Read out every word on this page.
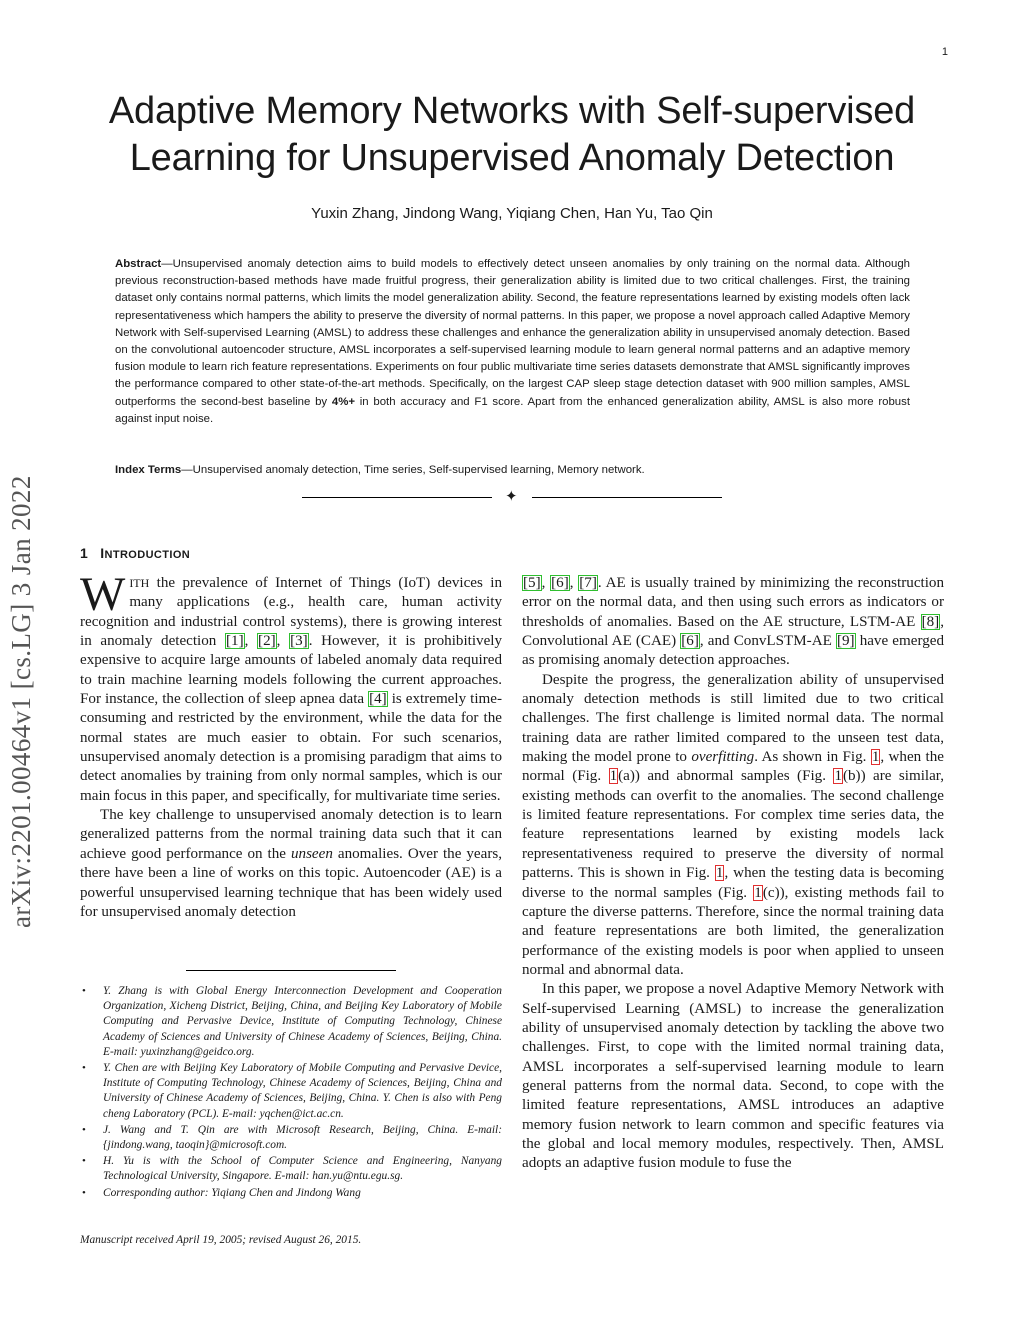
1
Adaptive Memory Networks with Self-supervised
Learning for Unsupervised Anomaly Detection
Yuxin Zhang, Jindong Wang, Yiqiang Chen, Han Yu, Tao Qin

Abstract—Unsupervised anomaly detection aims to build models to effectively detect unseen anomalies by only training on the normal data. Although previous reconstruction-based methods have made fruitful progress, their generalization ability is limited due to two critical challenges. First, the training dataset only contains normal patterns, which limits the model generalization ability. Second, the feature representations learned by existing models often lack representativeness which hampers the ability to preserve the diversity of normal patterns. In this paper, we propose a novel approach called Adaptive Memory Network with Self-supervised Learning (AMSL) to address these challenges and enhance the generalization ability in unsupervised anomaly detection. Based on the convolutional autoencoder structure, AMSL incorporates a self-supervised learning module to learn general normal patterns and an adaptive memory fusion module to learn rich feature representations. Experiments on four public multivariate time series datasets demonstrate that AMSL significantly improves the performance compared to other state-of-the-art methods. Specifically, on the largest CAP sleep stage detection dataset with 900 million samples, AMSL outperforms the second-best baseline by 4%+ in both accuracy and F1 score. Apart from the enhanced generalization ability, AMSL is also more robust against input noise.

Index Terms—Unsupervised anomaly detection, Time series, Self-supervised learning, Memory network.

✦
arXiv:2201.00464v1 [cs.LG] 3 Jan 2022	1 INTRODUCTION

WITH the prevalence of Internet of Things (IoT) devices in many applications (e.g., health care, human activity recognition and industrial control systems), there is growing interest in anomaly detection [1], [2], [3]. However, it is prohibitively expensive to acquire large amounts of labeled anomaly data required to train machine learning models following the current approaches. For instance, the collection of sleep apnea data [4] is extremely time-consuming and restricted by the environment, while the data for the normal states are much easier to obtain. For such scenarios, unsupervised anomaly detection is a promising paradigm that aims to detect anomalies by training from only normal samples, which is our main focus in this paper, and specifically, for multivariate time series.

The key challenge to unsupervised anomaly detection is to learn generalized patterns from the normal training data such that it can achieve good performance on the unseen anomalies. Over the years, there have been a line of works on this topic. Autoencoder (AE) is a powerful unsupervised learning technique that has been widely used for unsupervised anomaly detection

[5], [6], [7]. AE is usually trained by minimizing the reconstruction error on the normal data, and then using such errors as indicators or thresholds of anomalies. Based on the AE structure, LSTM-AE [8], Convolutional AE (CAE) [6], and ConvLSTM-AE [9] have emerged as promising anomaly detection approaches.

Despite the progress, the generalization ability of unsupervised anomaly detection methods is still limited due to two critical challenges. The first challenge is limited normal data. The normal training data are rather limited compared to the unseen test data, making the model prone to overfitting. As shown in Fig. 1, when the normal (Fig. 1(a)) and abnormal samples (Fig. 1(b)) are similar, existing methods can overfit to the anomalies. The second challenge is limited feature representations. For complex time series data, the feature representations learned by existing models lack representativeness required to preserve the diversity of normal patterns. This is shown in Fig. 1, when the testing data is becoming diverse to the normal samples (Fig. 1(c)), existing methods fail to capture the diverse patterns. Therefore, since the normal training data and feature representations are both limited, the generalization performance of the existing models is poor when applied to unseen normal and abnormal data.

In this paper, we propose a novel Adaptive Memory Network with Self-supervised Learning (AMSL) to increase the generalization ability of unsupervised anomaly detection by tackling the above two challenges. First, to cope with the limited normal training data, AMSL incorporates a self-supervised learning module to learn general patterns from the normal data. Second, to cope with the limited feature representations, AMSL introduces an adaptive memory fusion network to learn common and specific features via the global and local memory modules, respectively. Then, AMSL adopts an adaptive fusion module to fuse the

• Y. Zhang is with Global Energy Interconnection Development and Cooperation Organization, Xicheng District, Beijing, China, and Beijing Key Laboratory of Mobile Computing and Pervasive Device, Institute of Computing Technology, Chinese Academy of Sciences and University of Chinese Academy of Sciences, Beijing, China. E-mail: yuxinzhang@geidco.org.
• Y. Chen are with Beijing Key Laboratory of Mobile Computing and Pervasive Device, Institute of Computing Technology, Chinese Academy of Sciences, Beijing, China and University of Chinese Academy of Sciences, Beijing, China. Y. Chen is also with Peng cheng Laboratory (PCL). E-mail: yqchen@ict.ac.cn.
• J. Wang and T. Qin are with Microsoft Research, Beijing, China. E-mail: {jindong.wang, taoqin}@microsoft.com.
• H. Yu is with the School of Computer Science and Engineering, Nanyang Technological University, Singapore. E-mail: han.yu@ntu.egu.sg.
• Corresponding author: Yiqiang Chen and Jindong Wang

Manuscript received April 19, 2005; revised August 26, 2015.
